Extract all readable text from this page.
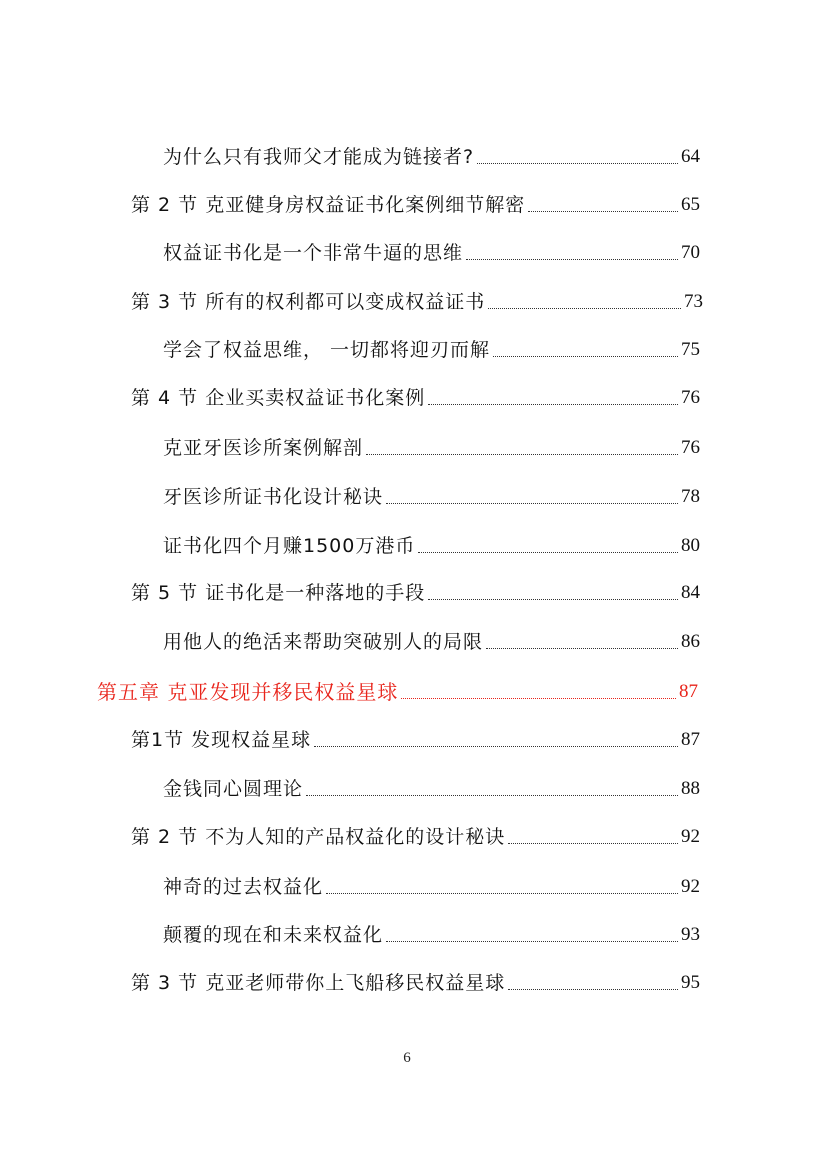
为什么只有我师父才能成为链接者?	64
第 2 节 克亚健身房权益证书化案例细节解密	65
权益证书化是一个非常牛逼的思维	70
第 3 节 所有的权利都可以变成权益证书	73
学会了权益思维， 一切都将迎刃而解	75
第 4 节 企业买卖权益证书化案例	76
克亚牙医诊所案例解剖	76
牙医诊所证书化设计秘诀	78
证书化四个月赚1500万港币	80
第 5 节 证书化是一种落地的手段	84
用他人的绝活来帮助突破别人的局限	86
第五章 克亚发现并移民权益星球	87
第1节 发现权益星球	87
金钱同心圆理论	88
第 2 节 不为人知的产品权益化的设计秘诀	92
神奇的过去权益化	92
颠覆的现在和未来权益化	93
第 3 节 克亚老师带你上飞船移民权益星球	95
6
